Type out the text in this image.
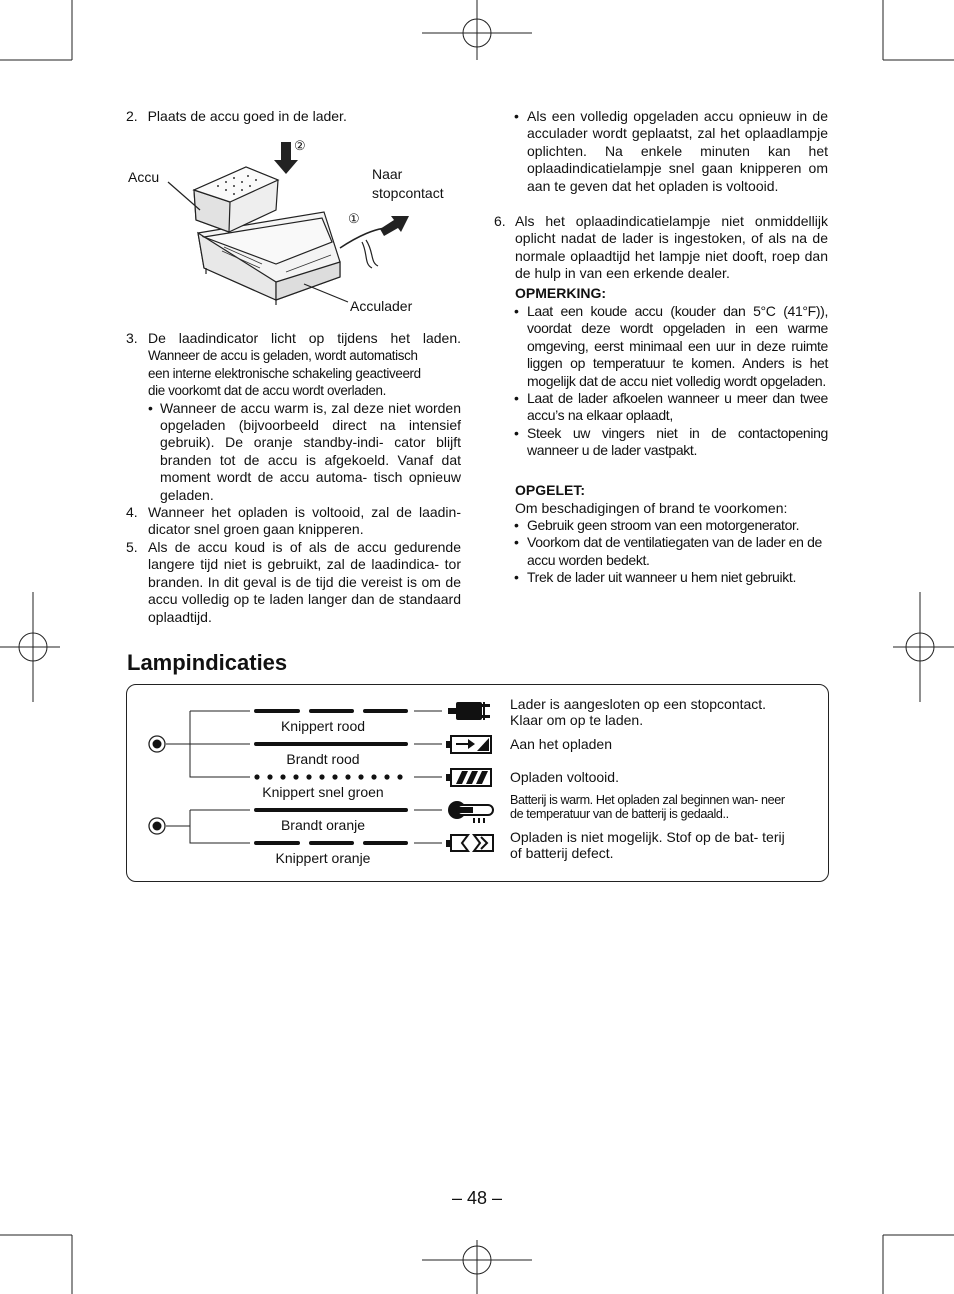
2. Plaats de accu goed in de lader.
Accu	Naar
stopcontact
Acculader
②
①
3. De laadindicator licht op tijdens het laden.
Wanneer de accu is geladen, wordt automatisch
een interne elektronische schakeling geactiveerd
die voorkomt dat de accu wordt overladen.
• Wanneer de accu warm is, zal deze niet worden opgeladen (bijvoorbeeld direct na intensief gebruik). De oranje standby-indi- cator blijft branden tot de accu is afgekoeld. Vanaf dat moment wordt de accu automa- tisch opnieuw geladen.
4. Wanneer het opladen is voltooid, zal de laadin- dicator snel groen gaan knipperen.
5. Als de accu koud is of als de accu gedurende langere tijd niet is gebruikt, zal de laadindica- tor branden. In dit geval is de tijd die vereist is om de accu volledig op te laden langer dan de standaard oplaadtijd.
• Als een volledig opgeladen accu opnieuw in de acculader wordt geplaatst, zal het oplaadlampje oplichten. Na enkele minuten kan het oplaadindicatielampje snel gaan knipperen om aan te geven dat het opladen is voltooid.
6. Als het oplaadindicatielampje niet onmiddellijk oplicht nadat de lader is ingestoken, of als na de normale oplaadtijd het lampje niet dooft, roep dan de hulp in van een erkende dealer.
OPMERKING:
• Laat een koude accu (kouder dan 5°C (41°F)), voordat deze wordt opgeladen in een warme omgeving, eerst minimaal een uur in deze ruimte liggen op temperatuur te komen. Anders is het mogelijk dat de accu niet volledig wordt opgeladen.
• Laat de lader afkoelen wanneer u meer dan twee accu’s na elkaar oplaadt,
• Steek uw vingers niet in de contactopening wanneer u de lader vastpakt.
OPGELET:
Om beschadigingen of brand te voorkomen:
• Gebruik geen stroom van een motorgenerator.
• Voorkom dat de ventilatiegaten van de lader en de accu worden bedekt.
• Trek de lader uit wanneer u hem niet gebruikt.
Lampindicaties
Knippert rood
Brandt rood
Knippert snel groen
Brandt oranje
Knippert oranje
Lader is aangesloten op een stopcontact. Klaar om op te laden.
Aan het opladen
Opladen voltooid.
Batterij is warm. Het opladen zal beginnen wan- neer de temperatuur van de batterij is gedaald..
Opladen is niet mogelijk. Stof op de bat- terij of batterij defect.
– 48 –
